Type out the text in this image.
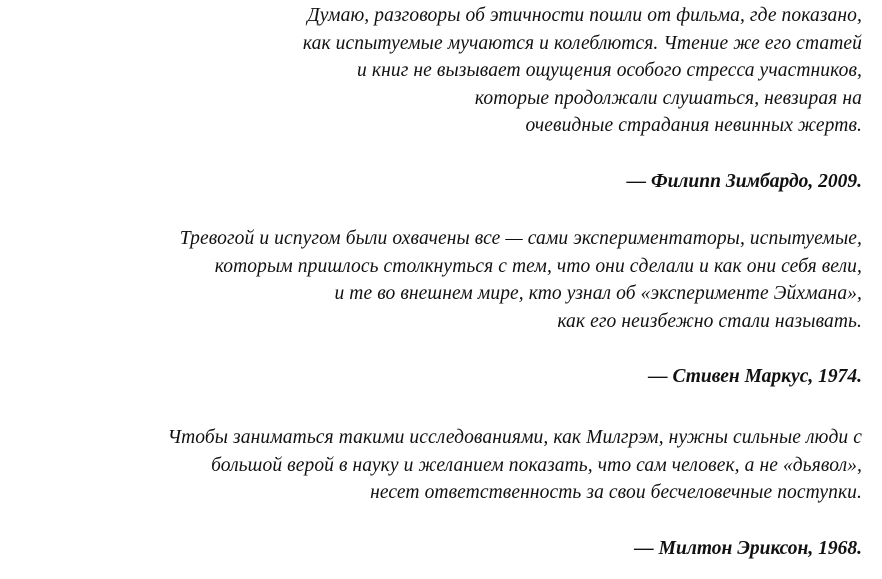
Думаю, разговоры об этичности пошли от фильма, где показано,
как испытуемые мучаются и колеблются. Чтение же его статей
и книг не вызывает ощущения особого стресса участников,
которые продолжали слушаться, невзирая на
очевидные страдания невинных жертв.
— Филипп Зимбардо, 2009.
Тревогой и испугом были охвачены все — сами экспериментаторы, испытуемые,
которым пришлось столкнуться с тем, что они сделали и как они себя вели,
и те во внешнем мире, кто узнал об «эксперименте Эйхмана»,
как его неизбежно стали называть.
— Стивен Маркус, 1974.
Чтобы заниматься такими исследованиями, как Милгрэм, нужны сильные люди с
большой верой в науку и желанием показать, что сам человек, а не «дьявол»,
несет ответственность за свои бесчеловечные поступки.
— Милтон Эриксон, 1968.
